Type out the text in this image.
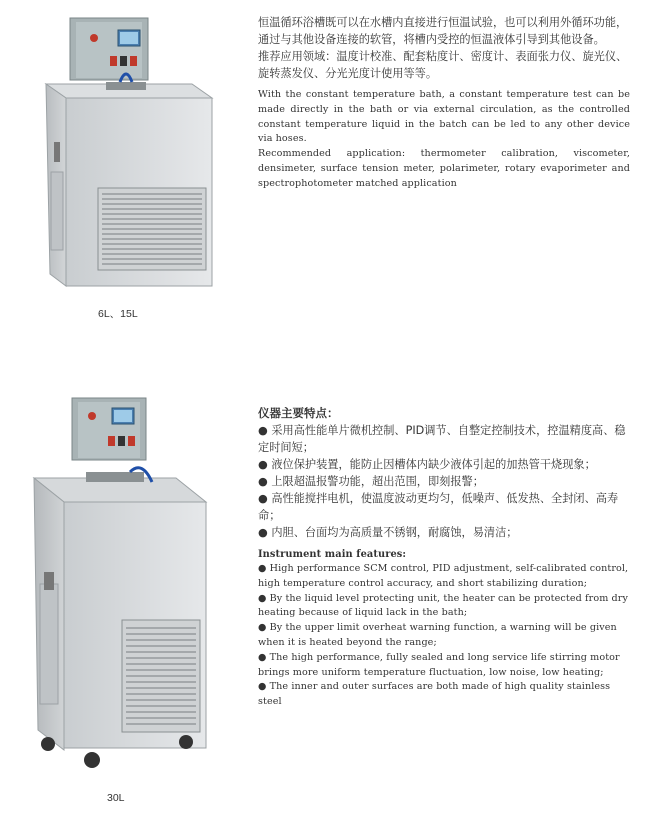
6L、15L
30L

恒温循环浴槽既可以在水槽内直接进行恒温试验，也可以利用外循环功能，通过与其他设备连接的软管，将槽内受控的恒温液体引导到其他设备。

推荐应用领域：温度计校准、配套粘度计、密度计、表面张力仪、旋光仪、旋转蒸发仪、分光光度计使用等等。

With the constant temperature bath, a constant temperature test can be made directly in the bath or via external circulation, as the controlled constant temperature liquid in the batch can be led to any other device via hoses.

Recommended application: thermometer calibration, viscometer, densimeter, surface tension meter, polarimeter, rotary evaporimeter and spectrophotometer matched application

仪器主要特点：

● 采用高性能单片微机控制、PID调节、自整定控制技术，控温精度高、稳定时间短；

● 液位保护装置，能防止因槽体内缺少液体引起的加热管干烧现象；

● 上限超温报警功能，超出范围，即刻报警；

● 高性能搅拌电机，使温度波动更均匀，低噪声、低发热、全封闭、高寿命；

● 内胆、台面均为高质量不锈钢，耐腐蚀，易清洁；

Instrument main features:

● High performance SCM control, PID adjustment, self-calibrated control, high temperature control accuracy, and short stabilizing duration;

● By the liquid level protecting unit, the heater can be protected from dry heating because of liquid lack in the bath;

● By the upper limit overheat warning function, a warning will be given when it is heated beyond the range;

● The high performance, fully sealed and long service life stirring motor brings more uniform temperature fluctuation, low noise, low heating;

● The inner and outer surfaces are both made of high quality stainless steel
